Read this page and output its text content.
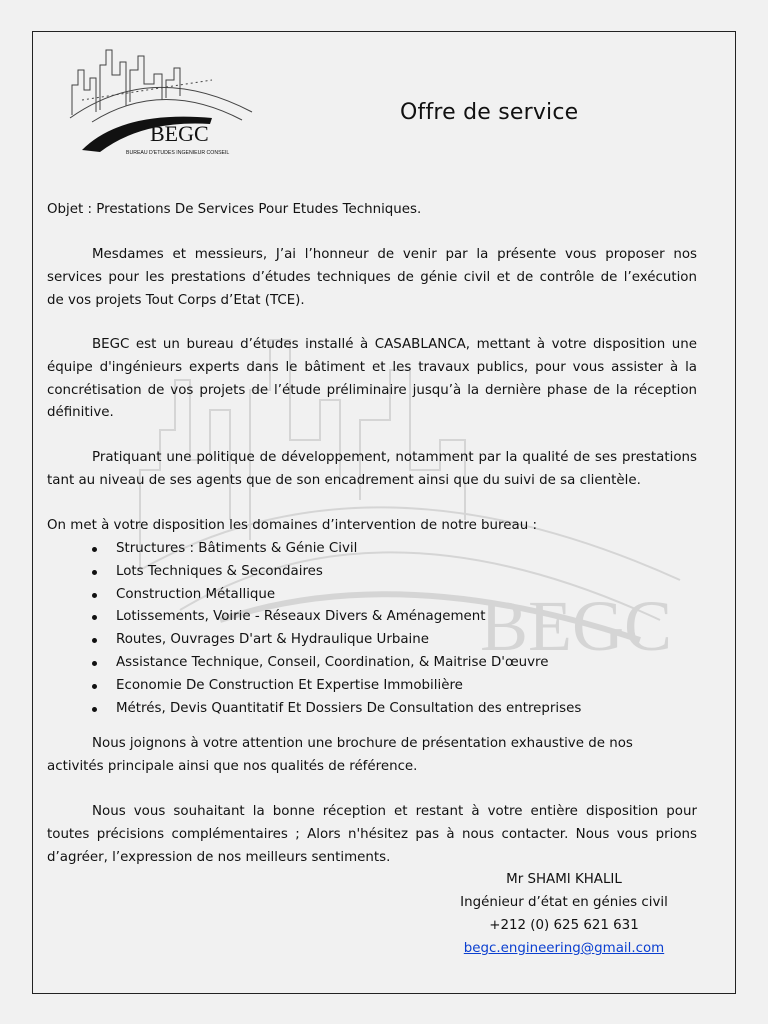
BEGC
BEGC
BUREAU D'ETUDES INGENIEUR CONSEIL
Offre de service
Objet : Prestations De Services Pour Etudes Techniques.
Mesdames et messieurs, J’ai l’honneur de venir par la présente vous proposer nos
services pour les prestations d’études techniques de génie civil et de contrôle de l’exécution
de vos projets Tout Corps d’Etat (TCE).
BEGC est un bureau d’études installé à CASABLANCA, mettant à votre disposition une
équipe d'ingénieurs experts dans le bâtiment et les travaux publics, pour vous assister à la
concrétisation de vos projets de l’étude préliminaire jusqu’à la dernière phase de la réception
définitive.
Pratiquant une politique de développement, notamment par la qualité de ses prestations
tant au niveau de ses agents que de son encadrement ainsi que du suivi de sa clientèle.
On met à votre disposition les domaines d’intervention de notre bureau :
Structures : Bâtiments & Génie Civil
Lots Techniques & Secondaires
Construction Métallique
Lotissements, Voirie - Réseaux Divers & Aménagement
Routes, Ouvrages D'art & Hydraulique Urbaine
Assistance Technique, Conseil, Coordination, & Maitrise D'œuvre
Economie De Construction Et Expertise Immobilière
Métrés, Devis Quantitatif Et Dossiers De Consultation des entreprises
Nous joignons à votre attention une brochure de présentation exhaustive de nos
activités principale ainsi que nos qualités de référence.
Nous vous souhaitant la bonne réception et restant à votre entière disposition pour
toutes précisions complémentaires ; Alors n'hésitez pas à nous contacter. Nous vous prions
d’agréer, l’expression de nos meilleurs sentiments.
Mr SHAMI KHALIL
Ingénieur d’état en génies civil
+212 (0) 625 621 631
begc.engineering@gmail.com
